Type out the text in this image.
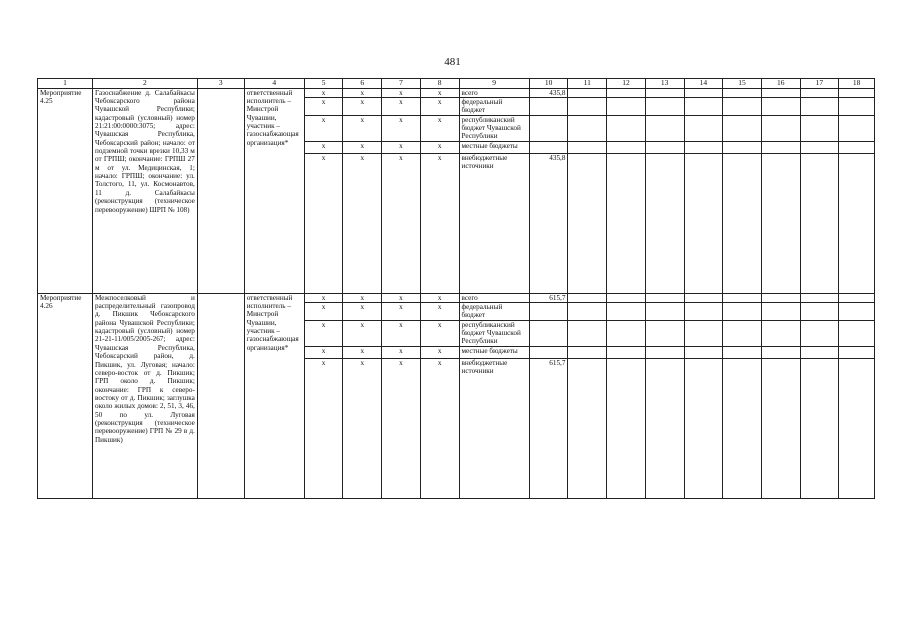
481
1	2	3	4	5	6	7	8	9	10	11	12	13	14	15	16	17	18
Мероприятие 4.25	Газоснабжение д. Салабайкасы Чебоксарского района Чувашской Республики; кадастровый (условный) номер 21:21:00:0000:3075; адрес: Чувашская Республика, Чебоксарский район; начало: от подземной точки врезки 10,33 м от ГРПШ; окончание: ГРПШ 27 м от ул. Медицинская, 1; начало: ГРПШ; окончание: ул. Толстого, 11, ул. Космонавтов, 11 д. Салабайкасы (реконструкция (техническое перевооружение) ШРП № 108)		ответственный исполнитель – Минстрой Чувашии, участник – газоснабжающая организация*	x	x	x	x	всего	435,8								
				x	x	x	x	федеральный бюджет									
				x	x	x	x	республиканский бюджет Чувашской Республики									
				x	x	x	x	местные бюджеты									
				x	x	x	x	внебюджетные источники	435,8								
Мероприятие 4.26	Межпоселковый и распределительный газопровод д. Пикшик Чебоксарского района Чувашской Республики; кадастровый (условный) номер 21-21-11/005/2005-267; адрес: Чувашская Республика, Чебоксарский район, д. Пикшик, ул. Луговая; начало: северо-восток от д. Пикшик; ГРП около д. Пикшик; окончание: ГРП к северо-востоку от д. Пикшик; заглушка около жилых домов: 2, 51, 3, 46, 50 по ул. Луговая (реконструкция (техническое перевооружение) ГРП № 29 в д. Пикшик)		ответственный исполнитель – Минстрой Чувашии, участник – газоснабжающая организация*	x	x	x	x	всего	615,7								
				x	x	x	x	федеральный бюджет									
				x	x	x	x	республиканский бюджет Чувашской Республики									
				x	x	x	x	местные бюджеты									
				x	x	x	x	внебюджетные источники	615,7								
